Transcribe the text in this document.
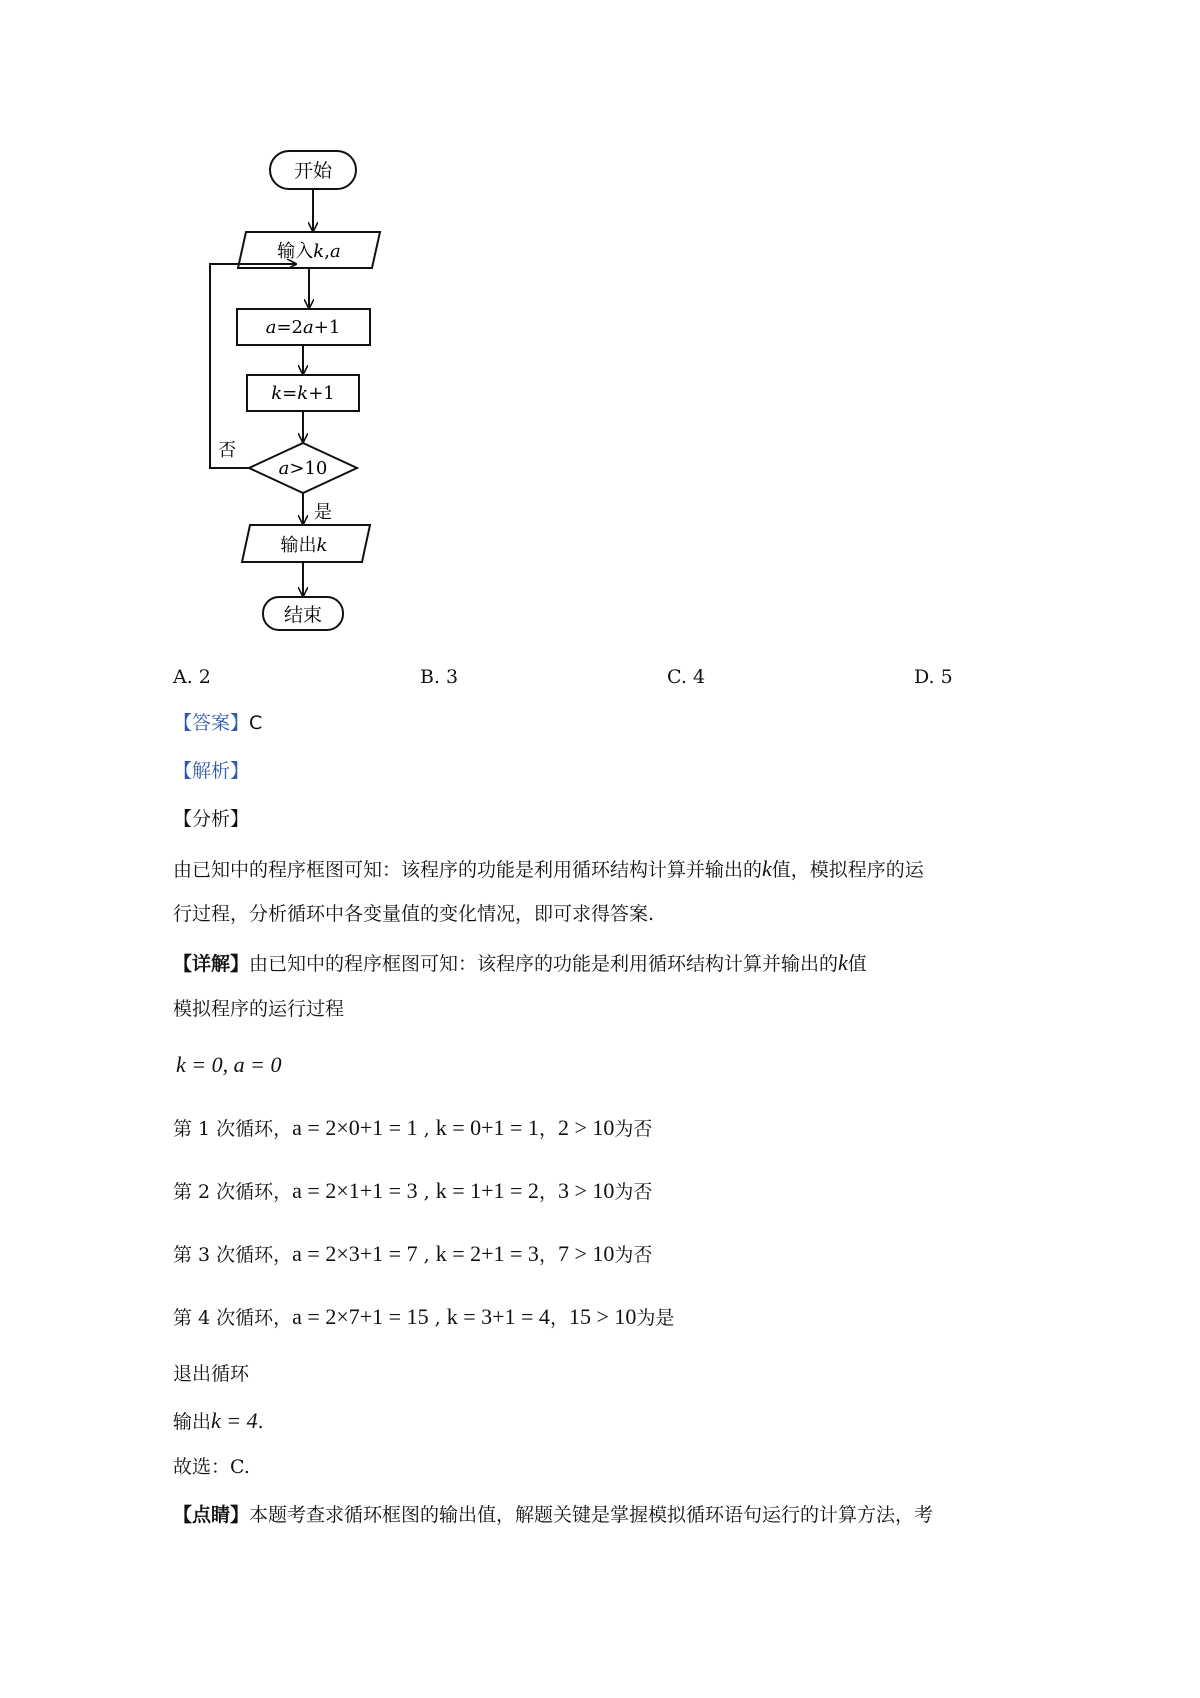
开始
输入k,a
a=2a+1
k=k+1
a>10
否
是
输出k
结束
A. 2	B. 3	C. 4	D. 5
【答案】C
【解析】
【分析】
由已知中的程序框图可知：该程序的功能是利用循环结构计算并输出的k值，模拟程序的运
行过程，分析循环中各变量值的变化情况，即可求得答案.
【详解】由已知中的程序框图可知：该程序的功能是利用循环结构计算并输出的k值
模拟程序的运行过程
k = 0, a = 0
第 1 次循环，a = 2×0+1 = 1 , k = 0+1 = 1，2 > 10为否
第 2 次循环，a = 2×1+1 = 3 , k = 1+1 = 2，3 > 10为否
第 3 次循环，a = 2×3+1 = 7 , k = 2+1 = 3，7 > 10为否
第 4 次循环，a = 2×7+1 = 15 , k = 3+1 = 4，15 > 10为是
退出循环
输出k = 4.
故选：C.
【点睛】本题考查求循环框图的输出值，解题关键是掌握模拟循环语句运行的计算方法，考
